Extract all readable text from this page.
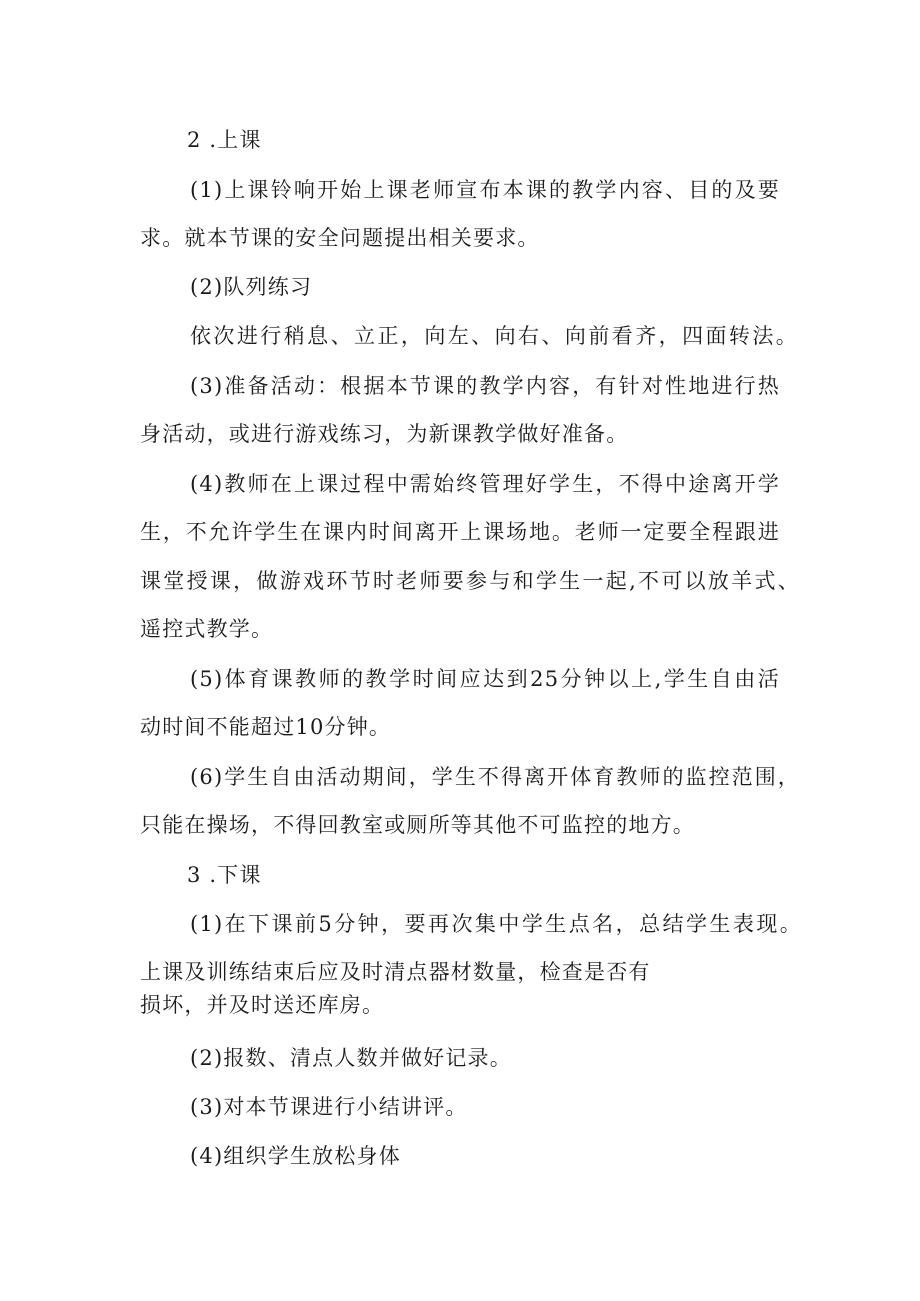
2 .上课
(1)上课铃响开始上课老师宣布本课的教学内容、目的及要
求。就本节课的安全问题提出相关要求。
(2)队列练习
依次进行稍息、立正，向左、向右、向前看齐，四面转法。
(3)准备活动：根据本节课的教学内容，有针对性地进行热
身活动，或进行游戏练习，为新课教学做好准备。
(4)教师在上课过程中需始终管理好学生，不得中途离开学
生，不允许学生在课内时间离开上课场地。老师一定要全程跟进
课堂授课，做游戏环节时老师要参与和学生一起,不可以放羊式、
遥控式教学。
(5)体育课教师的教学时间应达到25分钟以上,学生自由活
动时间不能超过10分钟。
(6)学生自由活动期间，学生不得离开体育教师的监控范围，
只能在操场，不得回教室或厕所等其他不可监控的地方。
3 .下课
(1)在下课前5分钟，要再次集中学生点名，总结学生表现。
上课及训练结束后应及时清点器材数量，检查是否有
损坏，并及时送还库房。
(2)报数、清点人数并做好记录。
(3)对本节课进行小结讲评。
(4)组织学生放松身体
